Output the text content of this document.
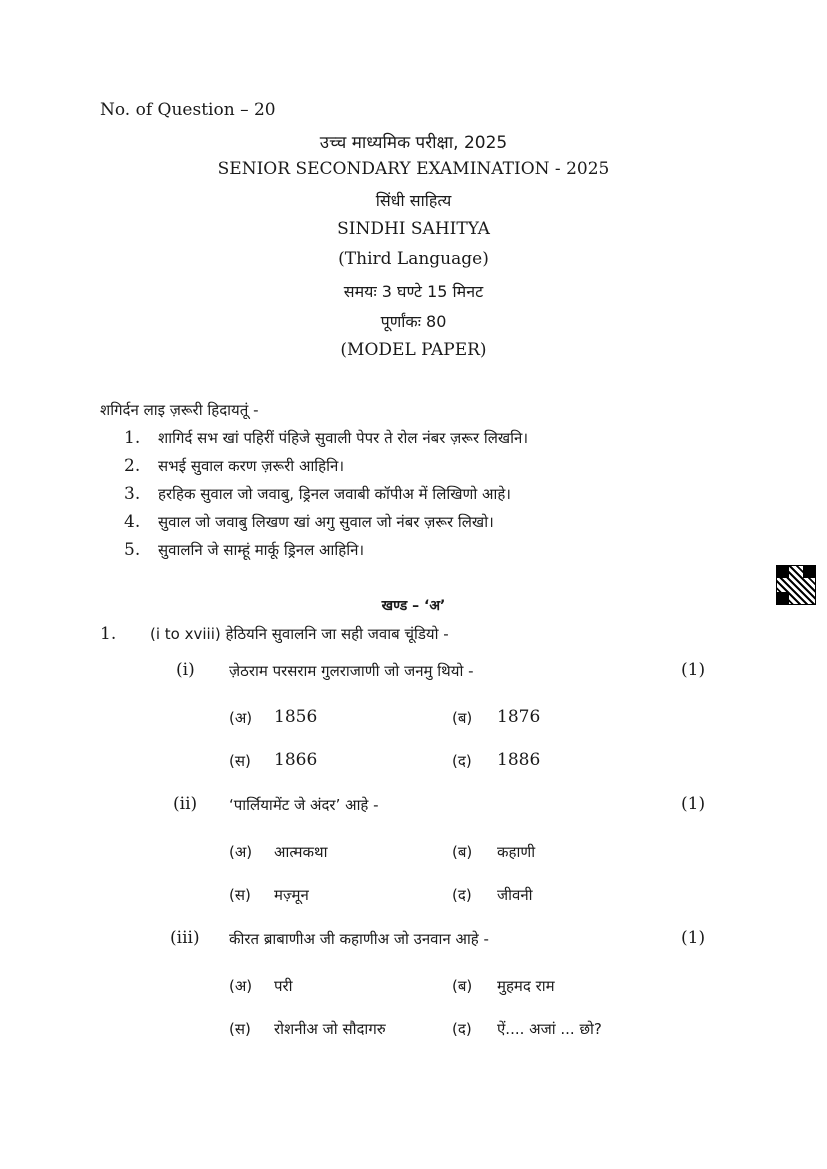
No. of Question – 20
उच्च माध्यमिक परीक्षा, 2025
SENIOR SECONDARY EXAMINATION - 2025
सिंधी साहित्य
SINDHI SAHITYA
(Third Language)
समयः 3 घण्टे 15 मिनट
पूर्णांकः 80
(MODEL PAPER)
शगिर्दन लाइ ज़रूरी हिदायतूं -
1. शागिर्द सभ खां पहिरीं पंहिजे सुवाली पेपर ते रोल नंबर ज़रूर लिखनि।
2. सभई सुवाल करण ज़रूरी आहिनि।
3. हरहिक सुवाल जो जवाबु, ड्रिनल जवाबी कॉपीअ में लिखिणो आहे।
4. सुवाल जो जवाबु लिखण खां अगु सुवाल जो नंबर ज़रूर लिखो।
5. सुवालनि जे साम्हूं मार्कू ड्रिनल आहिनि।
खण्ड – ‘अ’
1. (i to xviii) हेठियनि सुवालनि जा सही जवाब चूंडियो -
(i) ज़ेठराम परसराम गुलराजाणी जो जनमु थियो -	(1)
(अ) 1856	(ब) 1876
(स) 1866	(द) 1886
(ii) ‘पार्लियामेंट जे अंदर’ आहे -	(1)
(अ) आत्मकथा	(ब) कहाणी
(स) मज़्मून	(द) जीवनी
(iii) कीरत ब्राबाणीअ जी कहाणीअ जो उनवान आहे -	(1)
(अ) परी	(ब) मुहमद राम
(स) रोशनीअ जो सौदागरु	(द) ऐं.... अजां ... छो?
